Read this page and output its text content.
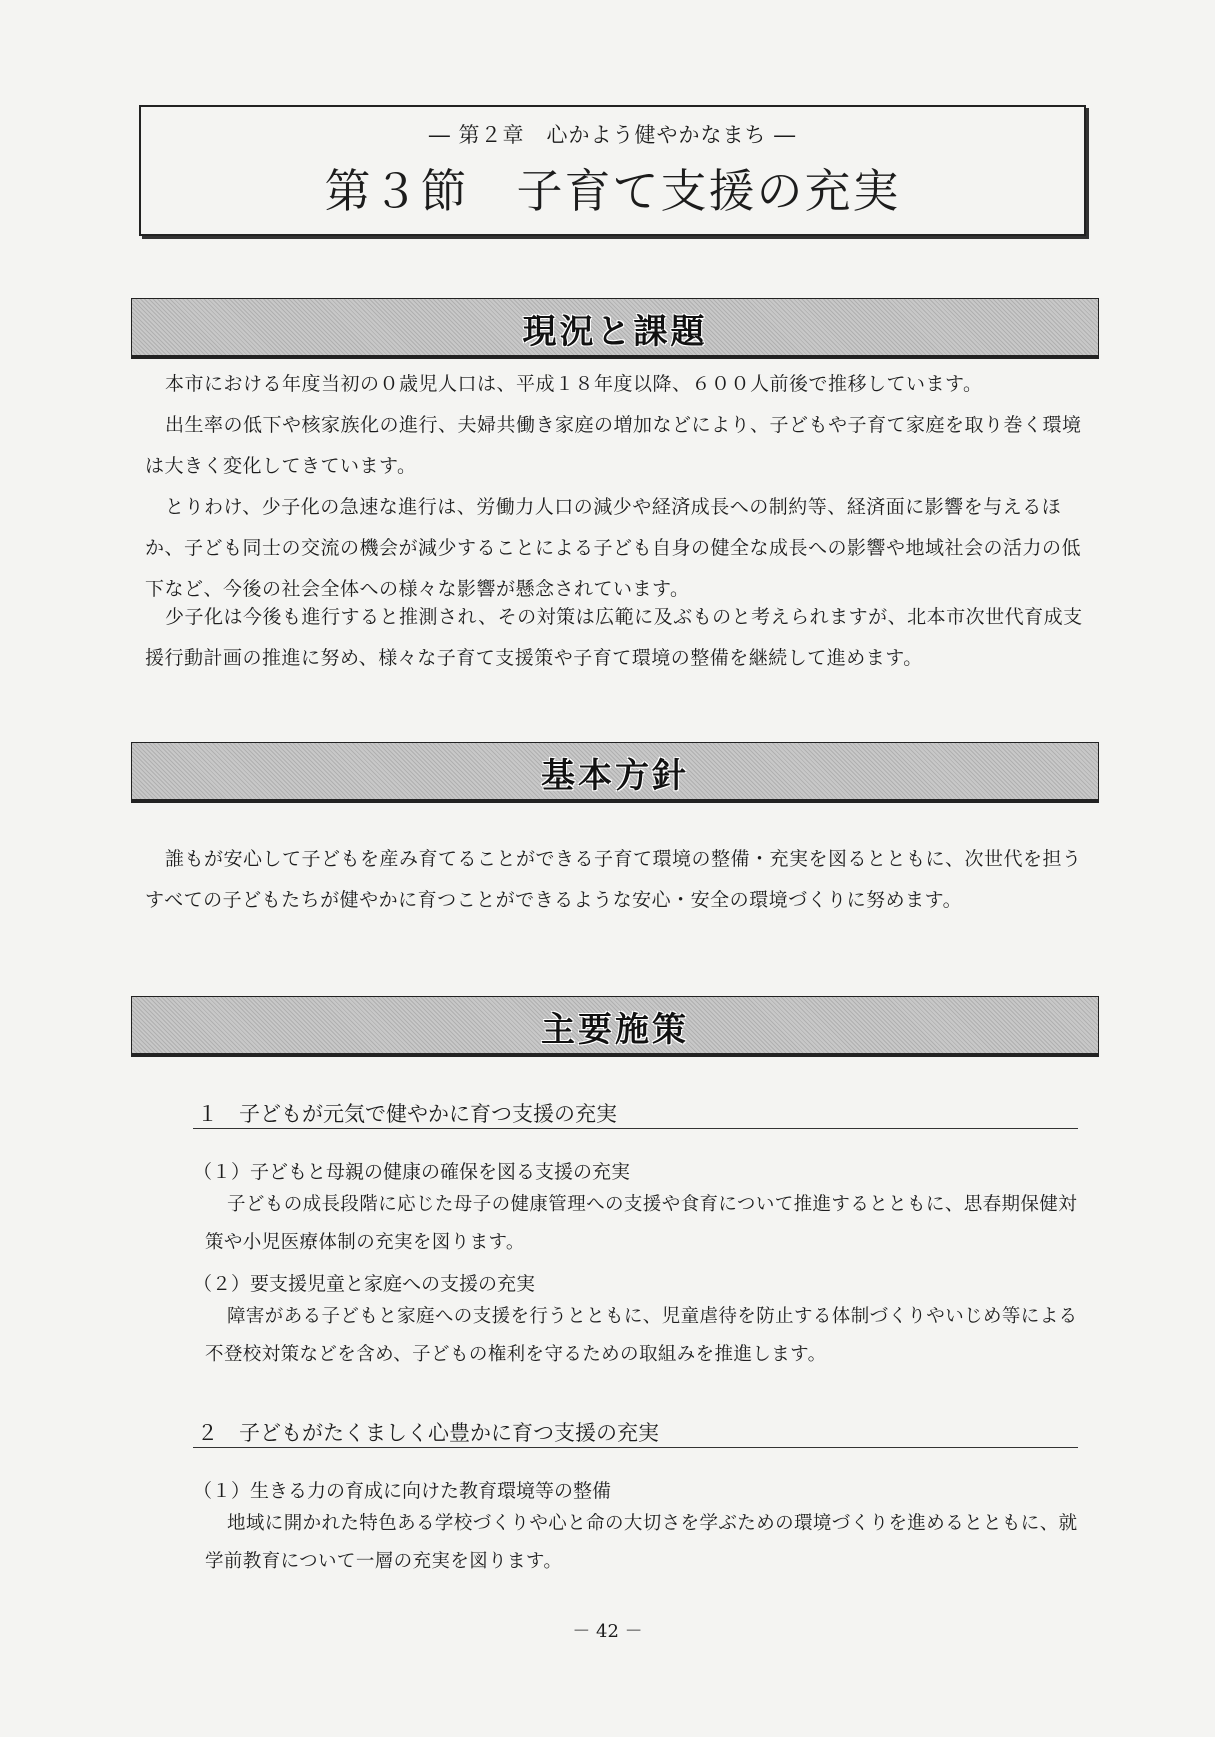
― 第２章　心かよう健やかなまち ―
第３節　子育て支援の充実
現況と課題

本市における年度当初の０歳児人口は、平成１８年度以降、６００人前後で推移しています。

出生率の低下や核家族化の進行、夫婦共働き家庭の増加などにより、子どもや子育て家庭を取り巻く環境は大きく変化してきています。

とりわけ、少子化の急速な進行は、労働力人口の減少や経済成長への制約等、経済面に影響を与えるほか、子ども同士の交流の機会が減少することによる子ども自身の健全な成長への影響や地域社会の活力の低下など、今後の社会全体への様々な影響が懸念されています。

少子化は今後も進行すると推測され、その対策は広範に及ぶものと考えられますが、北本市次世代育成支援行動計画の推進に努め、様々な子育て支援策や子育て環境の整備を継続して進めます。

基本方針

誰もが安心して子どもを産み育てることができる子育て環境の整備・充実を図るとともに、次世代を担うすべての子どもたちが健やかに育つことができるような安心・安全の環境づくりに努めます。

主要施策
１　子どもが元気で健やかに育つ支援の充実
（１）子どもと母親の健康の確保を図る支援の充実

子どもの成長段階に応じた母子の健康管理への支援や食育について推進するとともに、思春期保健対策や小児医療体制の充実を図ります。

（２）要支援児童と家庭への支援の充実

障害がある子どもと家庭への支援を行うとともに、児童虐待を防止する体制づくりやいじめ等による不登校対策などを含め、子どもの権利を守るための取組みを推進します。

２　子どもがたくましく心豊かに育つ支援の充実
（１）生きる力の育成に向けた教育環境等の整備

地域に開かれた特色ある学校づくりや心と命の大切さを学ぶための環境づくりを進めるとともに、就学前教育について一層の充実を図ります。

－ 42 －
